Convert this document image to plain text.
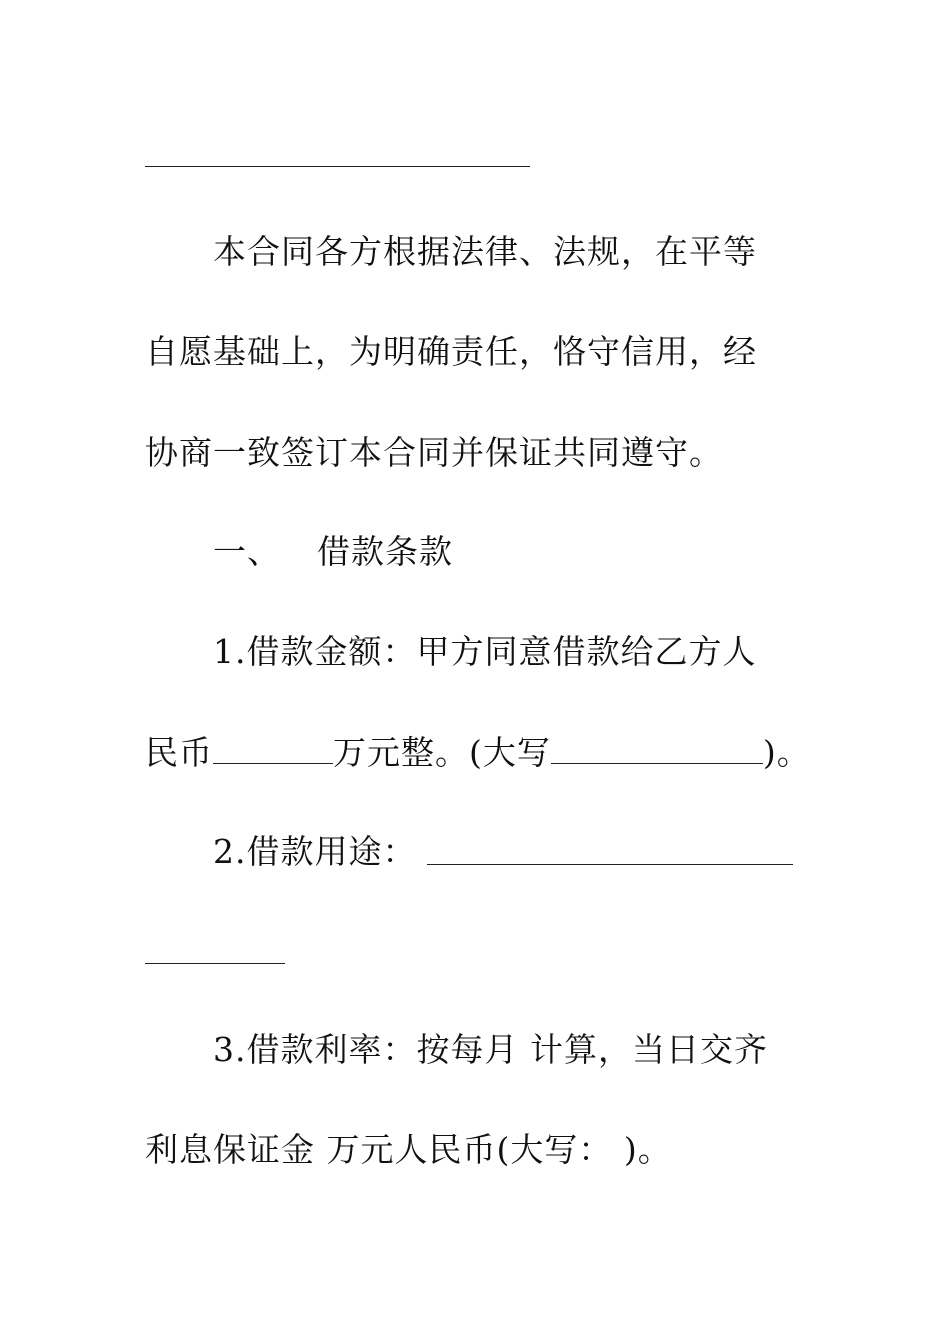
本合同各方根据法律、法规，在平等
自愿基础上，为明确责任，恪守信用，经
协商一致签订本合同并保证共同遵守。
一、 借款条款
1.借款金额：甲方同意借款给乙方人
民币	万元整。(大写	)。
2.借款用途：
3.借款利率：按每月 计算，当日交齐
利息保证金 万元人民币(大写： )。
